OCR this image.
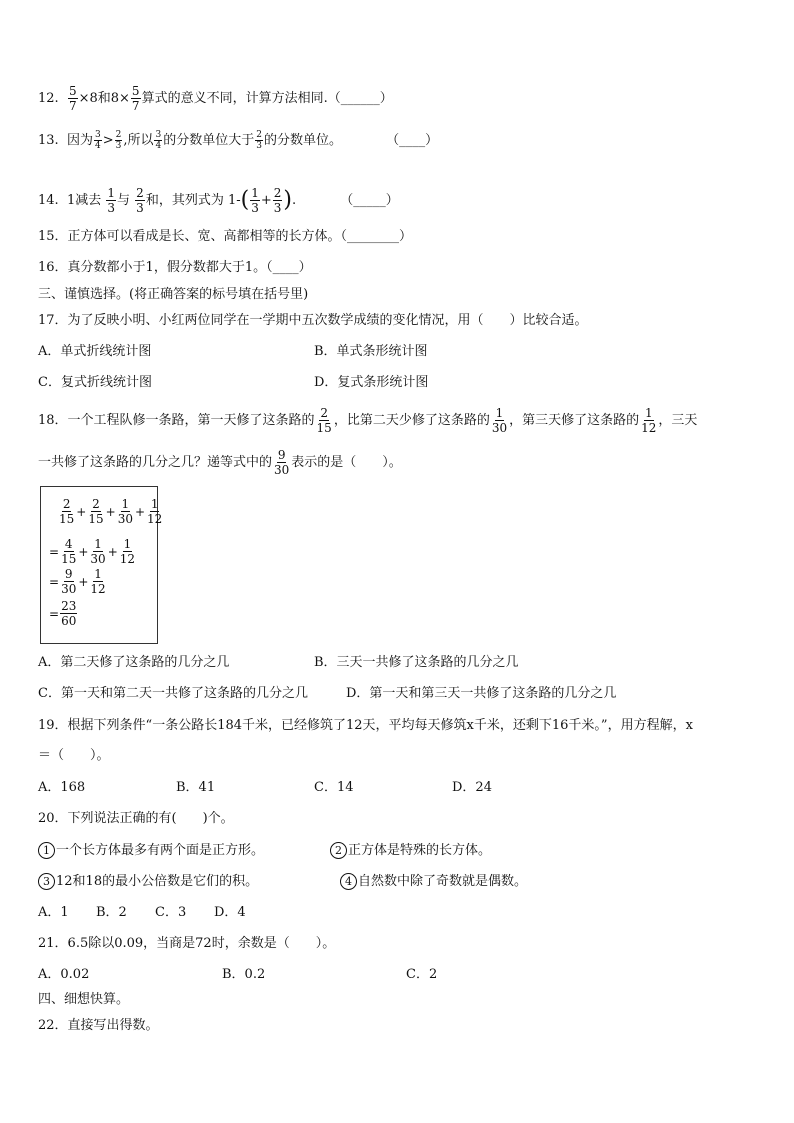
12. $\frac{5}{7} \times 8$和$8\times \frac{5}{7}$ 算式的意义不同，计算方法相同.（______）
13. 因为 $\frac{3}{4} > \frac{2}{3}$ ,所以 $\frac{3}{4}$ 的分数单位大于 $\frac{2}{3}$ 的分数单位。	（____）
14. 1减去 $\frac{1}{3}$ 与 $\frac{2}{3}$ 和，其列式为 $1-( \frac{1}{3} + \frac{2}{3}$ ).	（_____）
15．正方体可以看成是长、宽、高都相等的长方体。（________）
16．真分数都小于1，假分数都大于1。（____）
三、谨慎选择。(将正确答案的标号填在括号里)
17．为了反映小明、小红两位同学在一学期中五次数学成绩的变化情况，用（　　）比较合适。
A．单式折线统计图	B．单式条形统计图
C．复式折线统计图	D．复式条形统计图
18．一个工程队修一条路，第一天修了这条路的 $\frac{2}{15}$ ，比第二天少修了这条路的 $\frac{1}{30}$ ，第三天修了这条路的 $\frac{1}{12}$ ，三天
一共修了这条路的几分之几？递等式中的 $\frac{9}{30}$ 表示的是（　　）。
$\frac{2}{15} + \frac{2}{15} + \frac{1}{30} + \frac{1}{12}$
= $\frac{4}{15} + \frac{1}{30} + \frac{1}{12}$
= $\frac{9}{30} + \frac{1}{12}$
= $\frac{23}{60}$
A．第二天修了这条路的几分之几	B．三天一共修了这条路的几分之几
C．第一天和第二天一共修了这条路的几分之几	D．第一天和第三天一共修了这条路的几分之几
19．根据下列条件“一条公路长184千米，已经修筑了12天，平均每天修筑x千米，还剩下16千米。”，用方程解，x
＝（　　）。
A．168	B．41	C．14	D．24
20．下列说法正确的有(　　)个。
1 一个长方体最多有两个面是正方形。	2 正方体是特殊的长方体。
3 12和18的最小公倍数是它们的积。	4 自然数中除了奇数就是偶数。
A．1 B．2 C．3 D．4
21．6.5除以0.09，当商是72时，余数是（　　）。
A．0.02	B．0.2	C．2
四、细想快算。
22．直接写出得数。
